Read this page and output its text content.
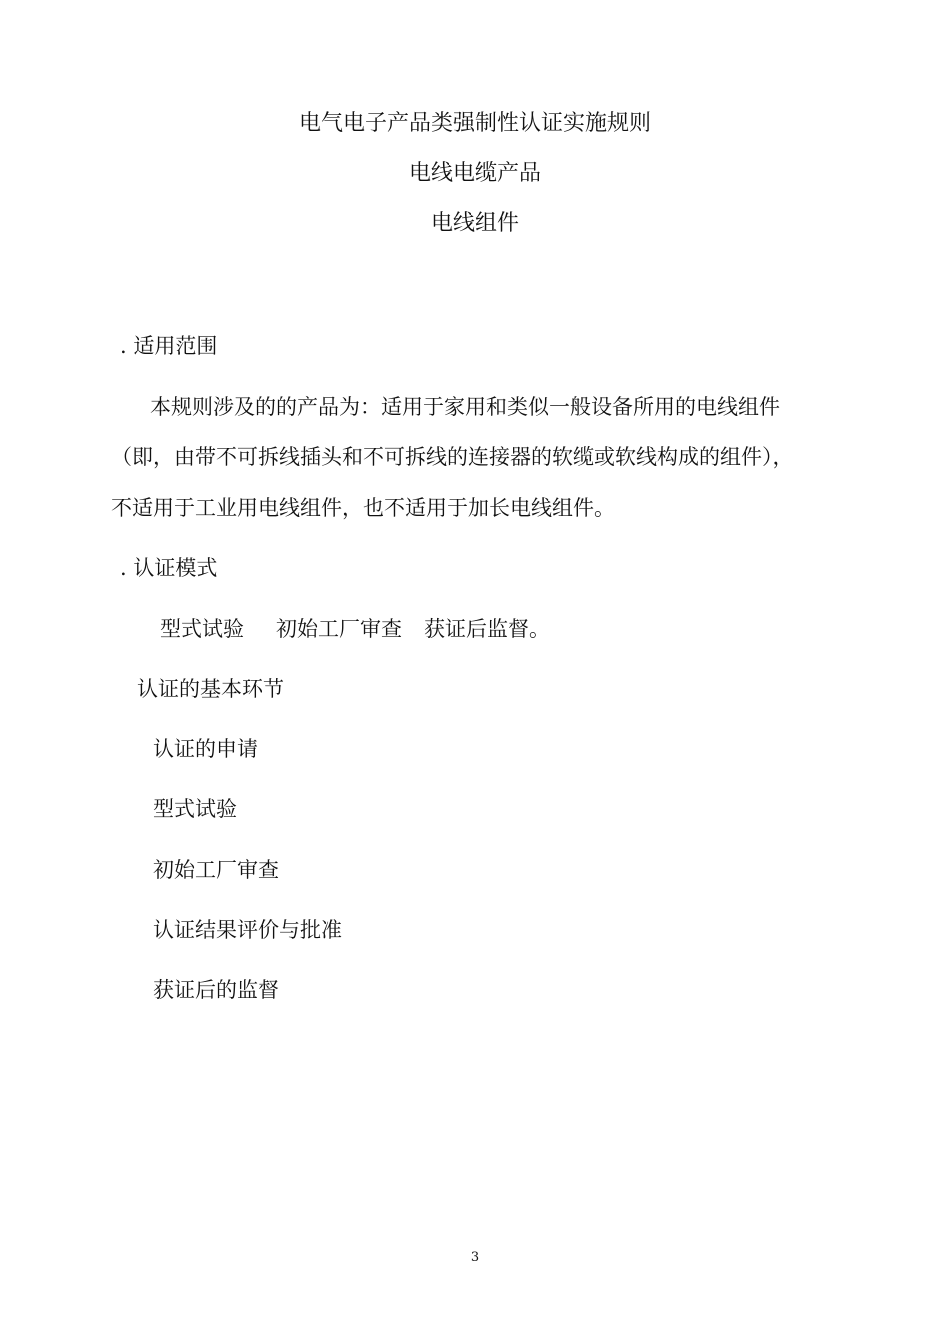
电气电子产品类强制性认证实施规则
电线电缆产品
电线组件
. 适用范围
本规则涉及的的产品为：适用于家用和类似一般设备所用的电线组件
（即，由带不可拆线插头和不可拆线的连接器的软缆或软线构成的组件），
不适用于工业用电线组件，也不适用于加长电线组件。
. 认证模式
型式试验 初始工厂审查 获证后监督。
认证的基本环节
认证的申请
型式试验
初始工厂审查
认证结果评价与批准
获证后的监督
3
